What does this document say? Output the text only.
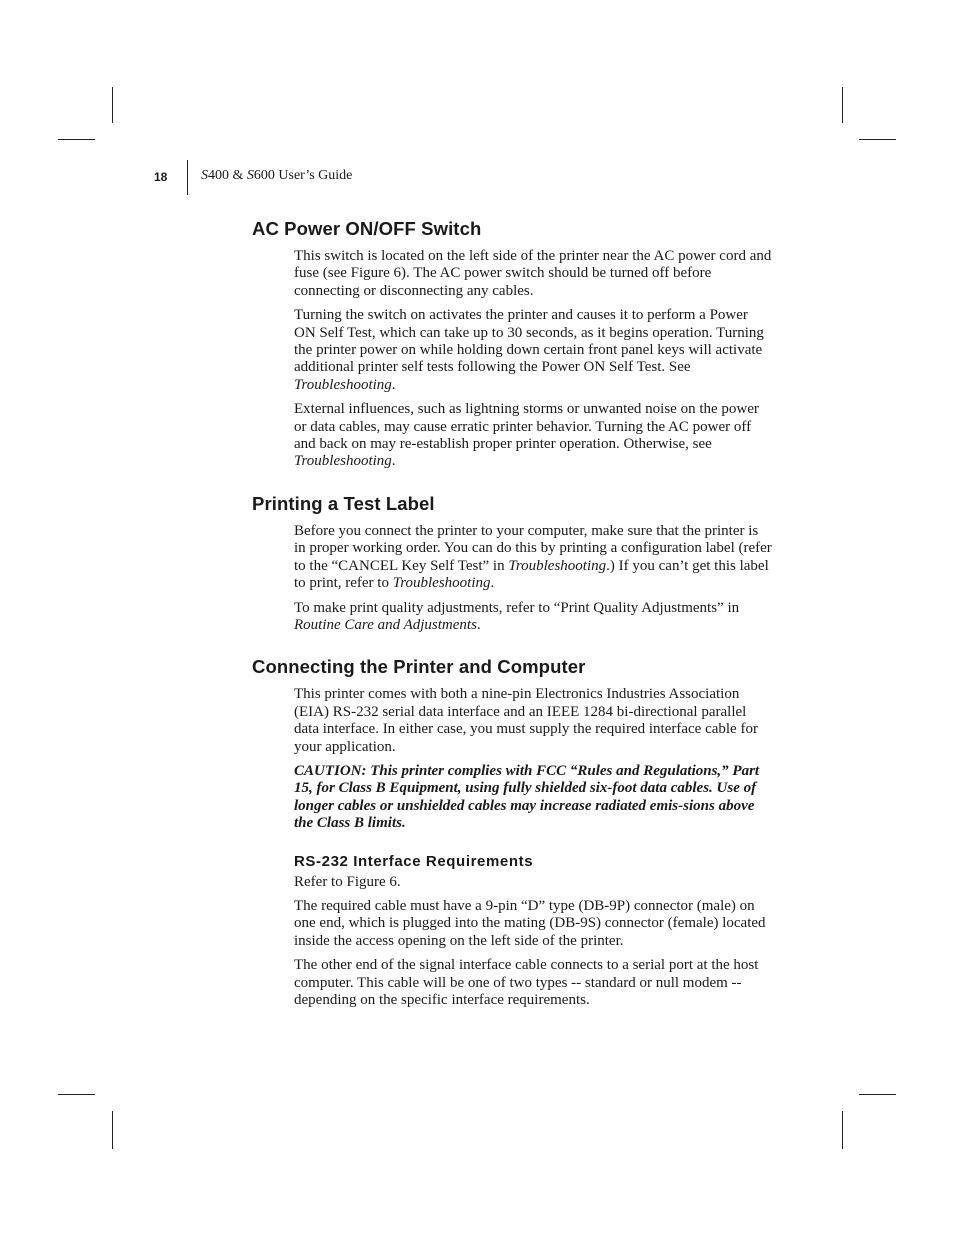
18 S400 & S600 User’s Guide
AC Power ON/OFF Switch

This switch is located on the left side of the printer near the AC power cord and fuse (see Figure 6). The AC power switch should be turned off before connecting or disconnecting any cables.

Turning the switch on activates the printer and causes it to perform a Power ON Self Test, which can take up to 30 seconds, as it begins operation. Turning the printer power on while holding down certain front panel keys will activate additional printer self tests following the Power ON Self Test. See Troubleshooting.

External influences, such as lightning storms or unwanted noise on the power or data cables, may cause erratic printer behavior. Turning the AC power off and back on may re-establish proper printer operation. Otherwise, see Troubleshooting.

Printing a Test Label

Before you connect the printer to your computer, make sure that the printer is in proper working order. You can do this by printing a configuration label (refer to the “CANCEL Key Self Test” in Troubleshooting.) If you can’t get this label to print, refer to Troubleshooting.

To make print quality adjustments, refer to “Print Quality Adjustments” in Routine Care and Adjustments.

Connecting the Printer and Computer

This printer comes with both a nine-pin Electronics Industries Association (EIA) RS-232 serial data interface and an IEEE 1284 bi-directional parallel data interface. In either case, you must supply the required interface cable for your application.

CAUTION: This printer complies with FCC “Rules and Regulations,” Part 15, for Class B Equipment, using fully shielded six-foot data cables. Use of longer cables or unshielded cables may increase radiated emis-sions above the Class B limits.

RS-232 Interface Requirements

Refer to Figure 6.

The required cable must have a 9-pin “D” type (DB-9P) connector (male) on one end, which is plugged into the mating (DB-9S) connector (female) located inside the access opening on the left side of the printer.

The other end of the signal interface cable connects to a serial port at the host computer. This cable will be one of two types -- standard or null modem -- depending on the specific interface requirements.
